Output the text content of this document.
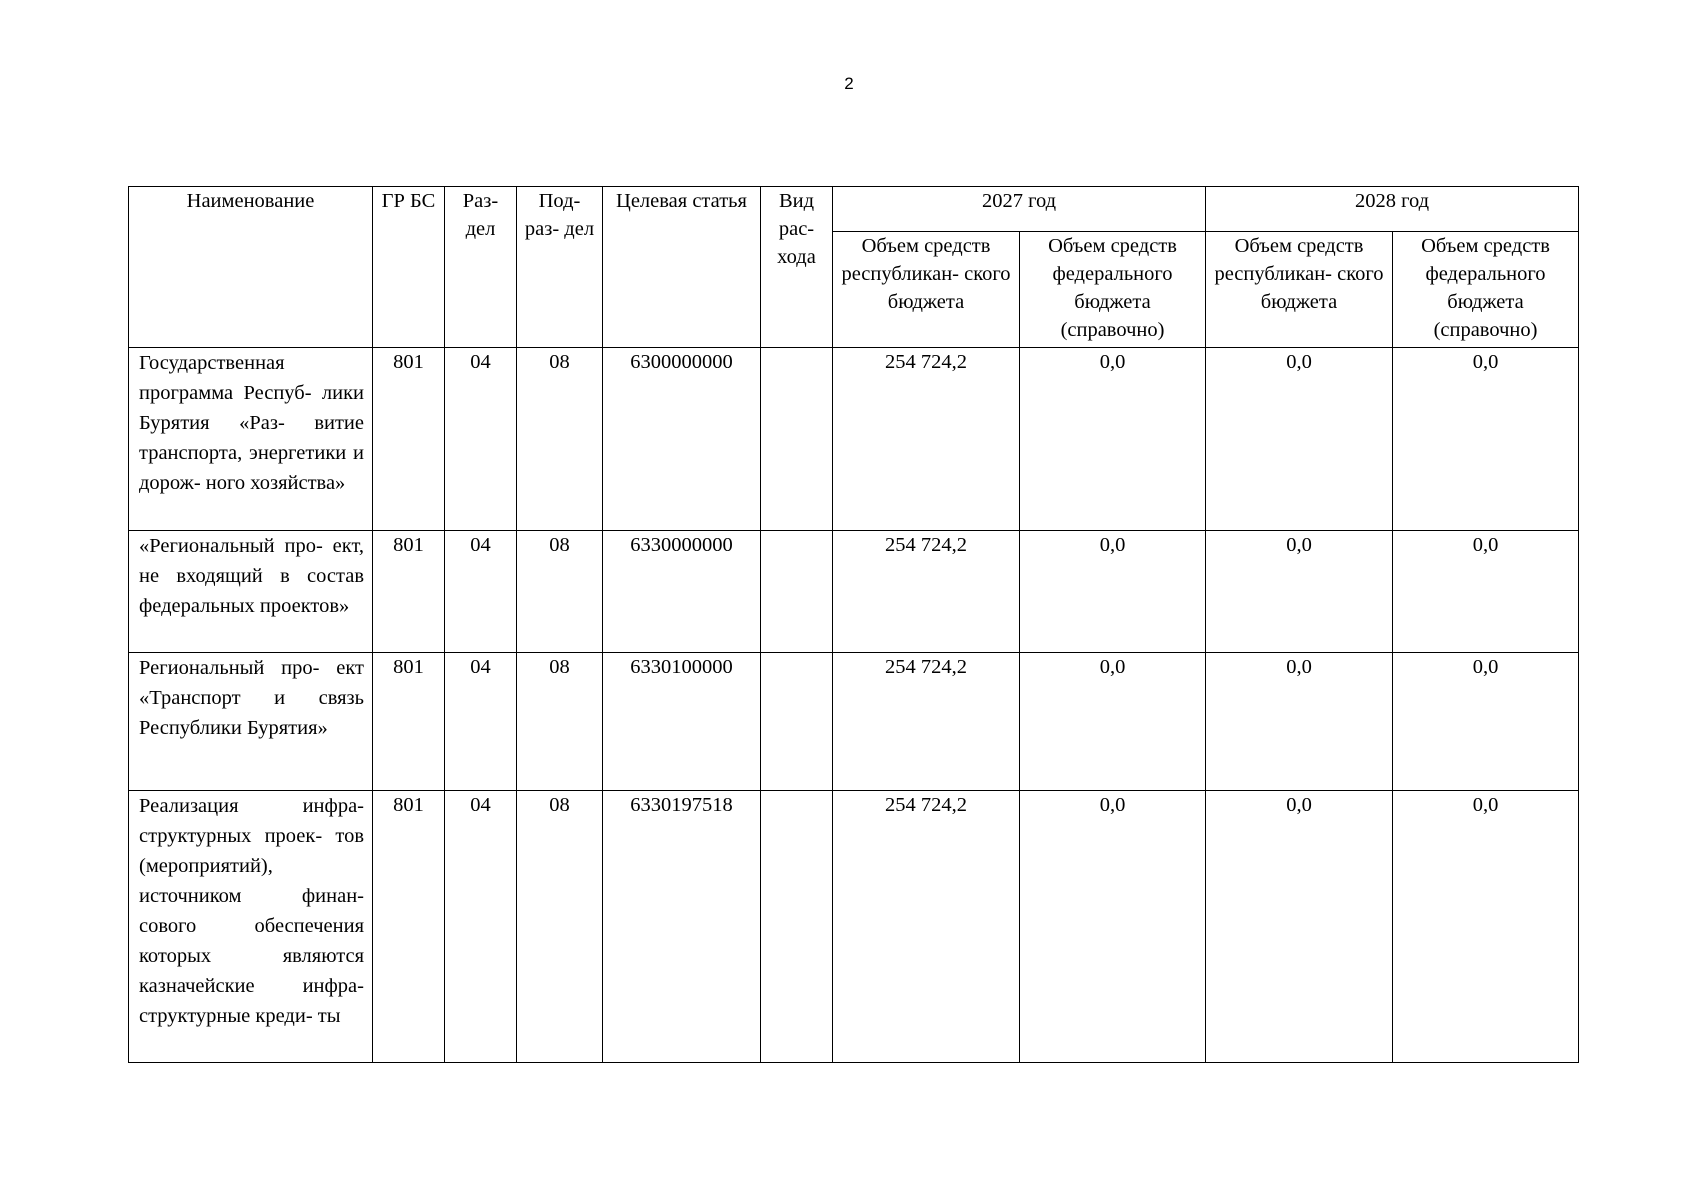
2
Наименование	ГР БС	Раз- дел	Под- раз- дел	Целевая статья	Вид рас- хода	2027 год		2028 год	
						Объем средств республикан- ского бюджета	Объем средств федерального бюджета (справочно)	Объем средств республикан- ского бюджета	Объем средств федерального бюджета (справочно)
Государственная программа Респуб- лики Бурятия «Раз- витие транспорта, энергетики и дорож- ного хозяйства»	801	04	08	6300000000		254 724,2	0,0	0,0	0,0
«Региональный про- ект, не входящий в состав федеральных проектов»	801	04	08	6330000000		254 724,2	0,0	0,0	0,0
Региональный про- ект «Транспорт и связь Республики Бурятия»	801	04	08	6330100000		254 724,2	0,0	0,0	0,0
Реализация инфра- структурных проек- тов (мероприятий), источником финан- сового обеспечения которых являются казначейские инфра- структурные креди- ты	801	04	08	6330197518		254 724,2	0,0	0,0	0,0
